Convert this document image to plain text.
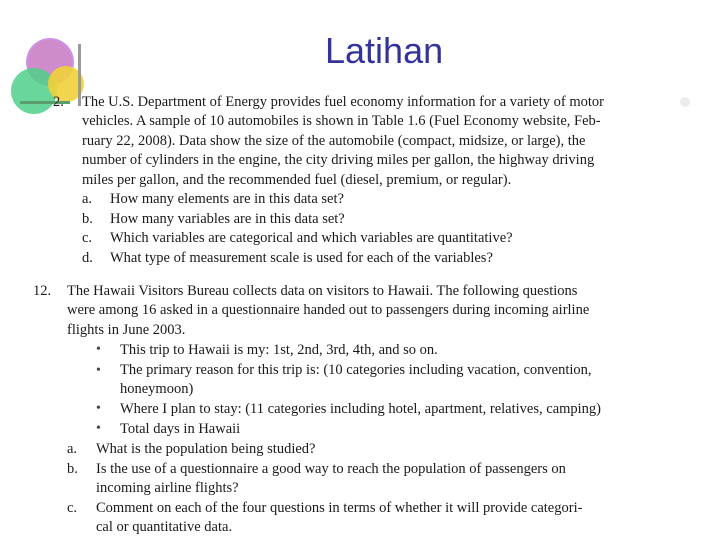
Latihan
2. The U.S. Department of Energy provides fuel economy information for a variety of motor
vehicles. A sample of 10 automobiles is shown in Table 1.6 (Fuel Economy website, Feb-
ruary 22, 2008). Data show the size of the automobile (compact, midsize, or large), the
number of cylinders in the engine, the city driving miles per gallon, the highway driving
miles per gallon, and the recommended fuel (diesel, premium, or regular).
a. How many elements are in this data set?
b. How many variables are in this data set?
c. Which variables are categorical and which variables are quantitative?
d. What type of measurement scale is used for each of the variables?
12. The Hawaii Visitors Bureau collects data on visitors to Hawaii. The following questions
were among 16 asked in a questionnaire handed out to passengers during incoming airline
flights in June 2003.
• This trip to Hawaii is my: 1st, 2nd, 3rd, 4th, and so on.
• The primary reason for this trip is: (10 categories including vacation, convention,
honeymoon)
• Where I plan to stay: (11 categories including hotel, apartment, relatives, camping)
• Total days in Hawaii
a. What is the population being studied?
b. Is the use of a questionnaire a good way to reach the population of passengers on
incoming airline flights?
c. Comment on each of the four questions in terms of whether it will provide categori-
cal or quantitative data.
